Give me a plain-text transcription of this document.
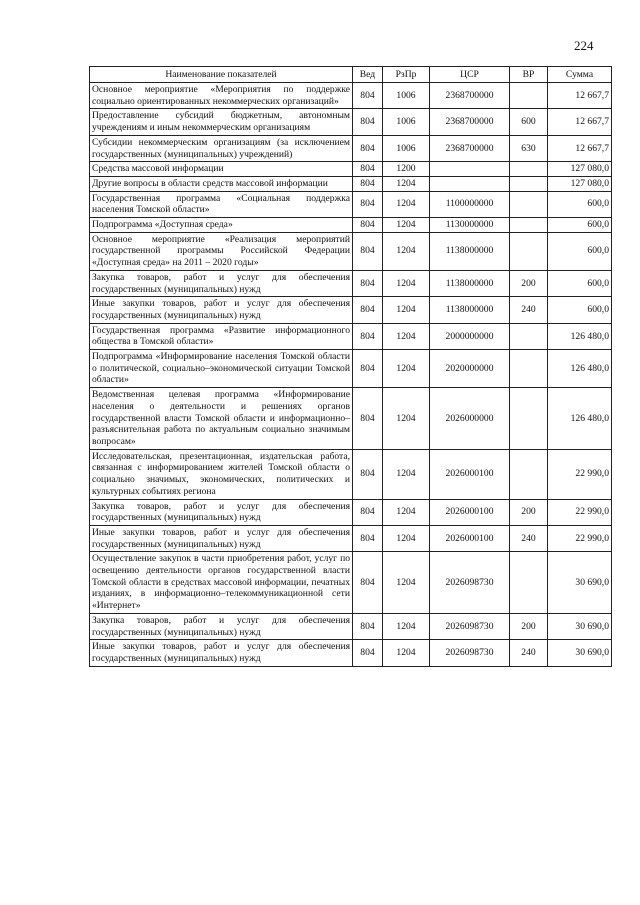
224
Наименование показателей	Вед	РзПр	ЦСР	ВР	Сумма
Основное мероприятие «Мероприятия по поддержке социально ориентированных некоммерческих организаций»	804	1006	2368700000		12 667,7
Предоставление субсидий бюджетным, автономным учреждениям и иным некоммерческим организациям	804	1006	2368700000	600	12 667,7
Субсидии некоммерческим организациям (за исключением государственных (муниципальных) учреждений)	804	1006	2368700000	630	12 667,7
Средства массовой информации	804	1200			127 080,0
Другие вопросы в области средств массовой информации	804	1204			127 080,0
Государственная программа «Социальная поддержка населения Томской области»	804	1204	1100000000		600,0
Подпрограмма «Доступная среда»	804	1204	1130000000		600,0
Основное мероприятие «Реализация мероприятий государственной программы Российской Федерации «Доступная среда» на 2011 – 2020 годы»	804	1204	1138000000		600,0
Закупка товаров, работ и услуг для обеспечения государственных (муниципальных) нужд	804	1204	1138000000	200	600,0
Иные закупки товаров, работ и услуг для обеспечения государственных (муниципальных) нужд	804	1204	1138000000	240	600,0
Государственная программа «Развитие информационного общества в Томской области»	804	1204	2000000000		126 480,0
Подпрограмма «Информирование населения Томской области о политической, социально–экономической ситуации Томской области»	804	1204	2020000000		126 480,0
Ведомственная целевая программа «Информирование населения о деятельности и решениях органов государственной власти Томской области и информационно–разъяснительная работа по актуальным социально значимым вопросам»	804	1204	2026000000		126 480,0
Исследовательская, презентационная, издательская работа, связанная с информированием жителей Томской области о социально значимых, экономических, политических и культурных событиях региона	804	1204	2026000100		22 990,0
Закупка товаров, работ и услуг для обеспечения государственных (муниципальных) нужд	804	1204	2026000100	200	22 990,0
Иные закупки товаров, работ и услуг для обеспечения государственных (муниципальных) нужд	804	1204	2026000100	240	22 990,0
Осуществление закупок в части приобретения работ, услуг по освещению деятельности органов государственной власти Томской области в средствах массовой информации, печатных изданиях, в информационно–телекоммуникационной сети «Интернет»	804	1204	2026098730		30 690,0
Закупка товаров, работ и услуг для обеспечения государственных (муниципальных) нужд	804	1204	2026098730	200	30 690,0
Иные закупки товаров, работ и услуг для обеспечения государственных (муниципальных) нужд	804	1204	2026098730	240	30 690,0
